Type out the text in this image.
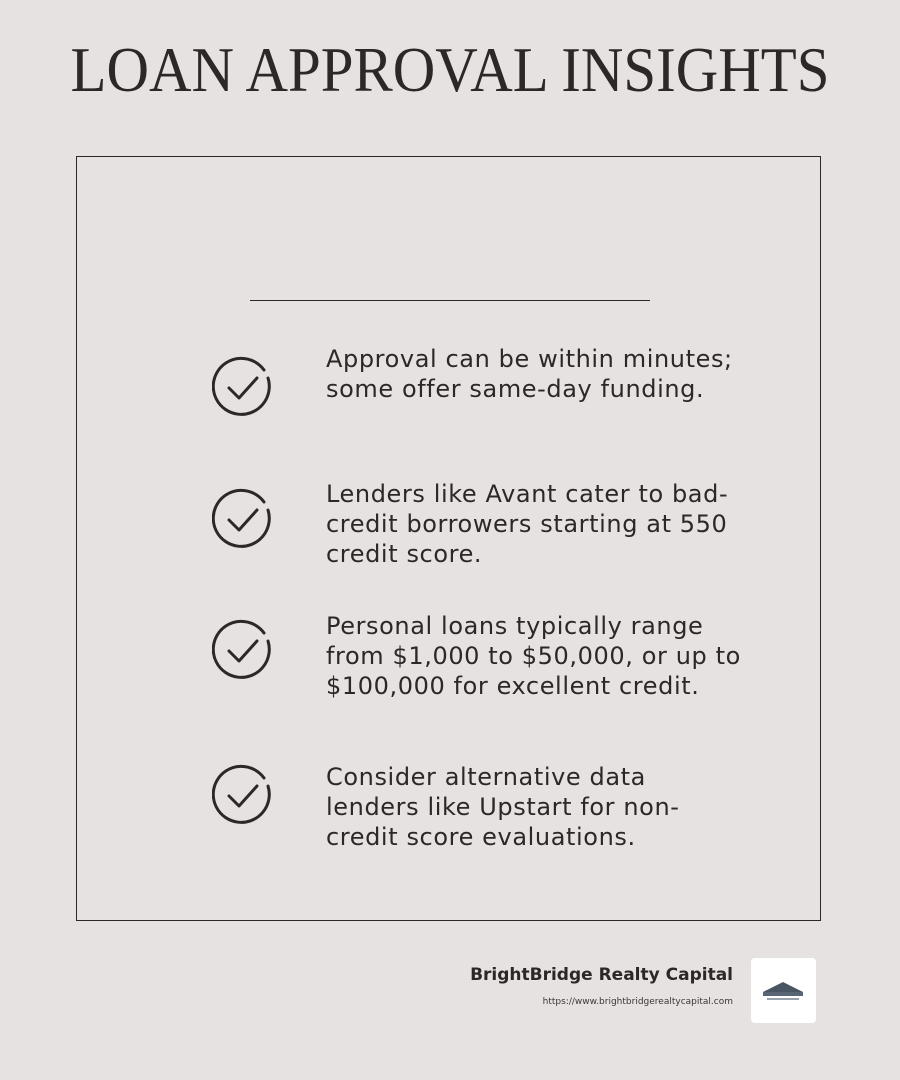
LOAN APPROVAL INSIGHTS
Approval can be within minutes; some offer same-day funding.
Lenders like Avant cater to bad-credit borrowers starting at 550 credit score.
Personal loans typically range from $1,000 to $50,000, or up to $100,000 for excellent credit.
Consider alternative data lenders like Upstart for non-credit score evaluations.
BrightBridge Realty Capital
https://www.brightbridgerealtycapital.com
